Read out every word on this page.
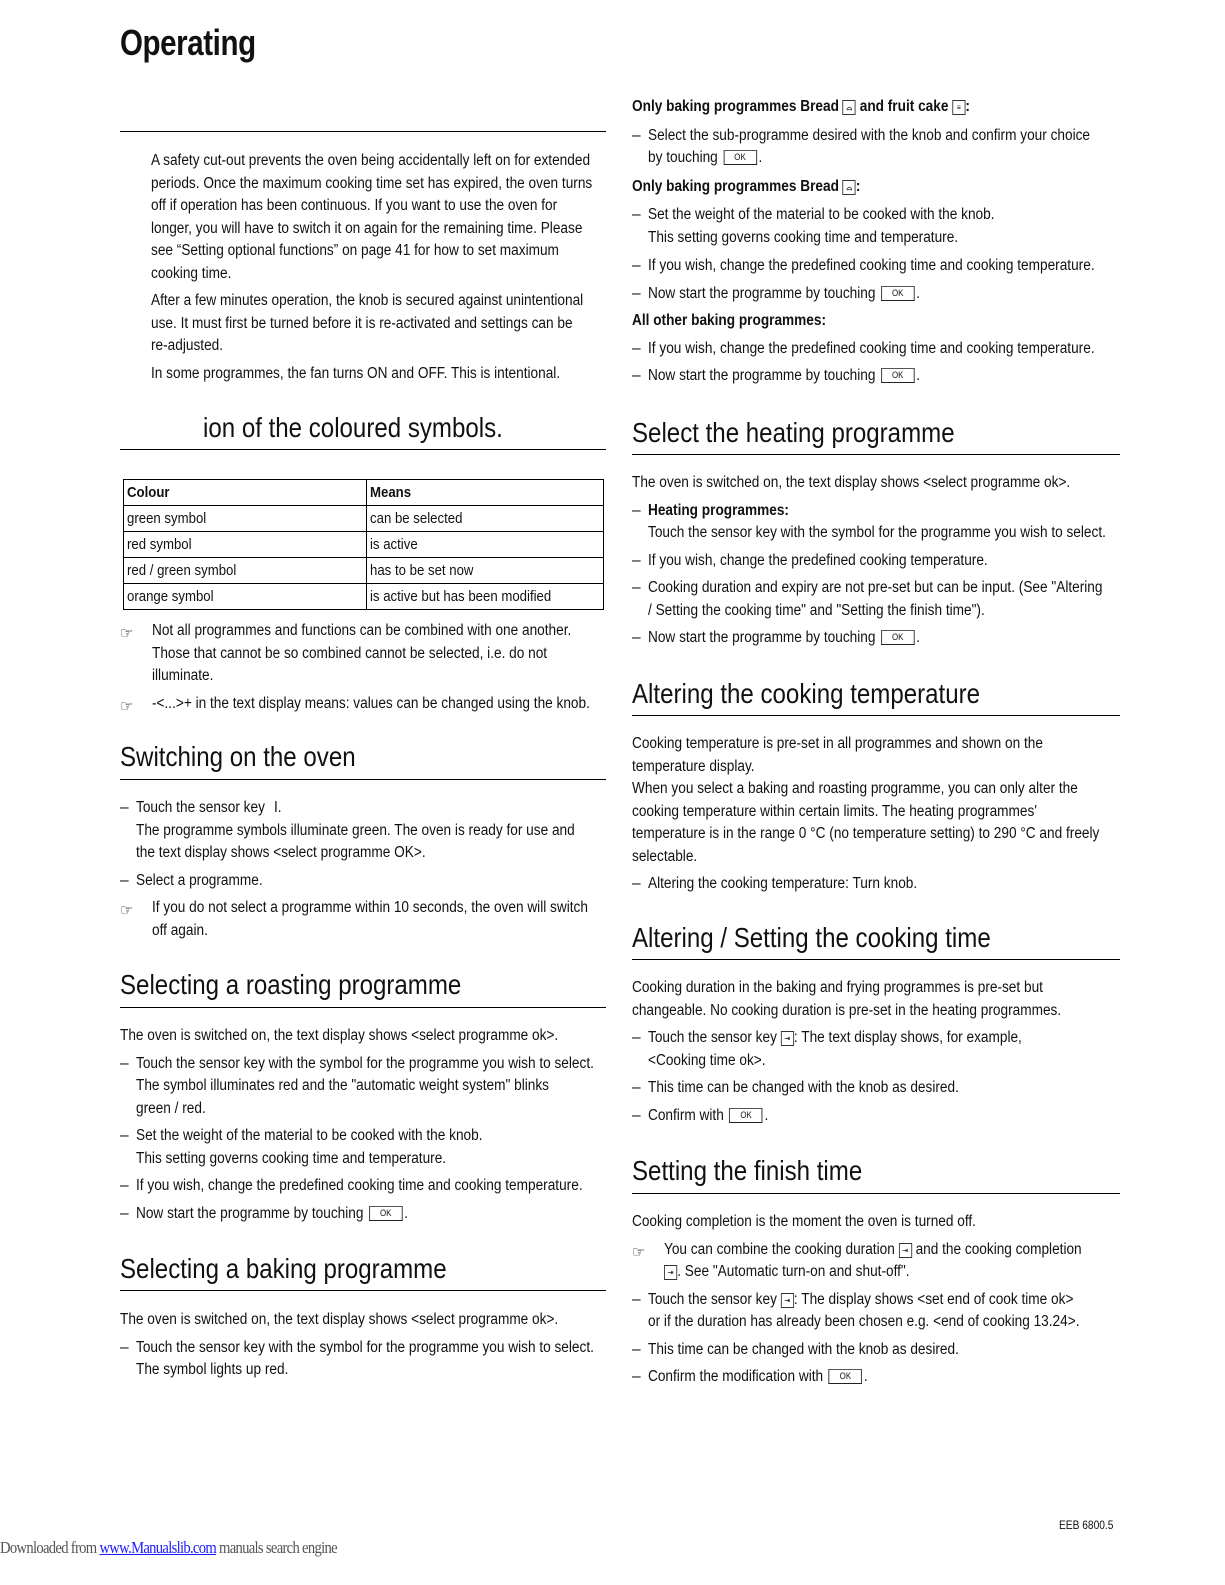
Operating
A safety cut-out prevents the oven being accidentally left on for extended
periods. Once the maximum cooking time set has expired, the oven turns
off if operation has been continuous. If you want to use the oven for
longer, you will have to switch it on again for the remaining time. Please
see “Setting optional functions” on page 41 for how to set maximum
cooking time.
After a few minutes operation, the knob is secured against unintentional
use. It must first be turned before it is re-activated and settings can be
re-adjusted.
In some programmes, the fan turns ON and OFF. This is intentional.
ion of the coloured symbols.
Colour	Means
green symbol	can be selected
red symbol	is active
red / green symbol	has to be set now
orange symbol	is active but has been modified
☞ Not all programmes and functions can be combined with one another.
Those that cannot be so combined cannot be selected, i.e. do not
illuminate.
☞ -<...>+ in the text display means: values can be changed using the knob.
Switching on the oven
– Touch the sensor key I.
The programme symbols illuminate green. The oven is ready for use and
the text display shows <select programme OK>.
– Select a programme.
☞ If you do not select a programme within 10 seconds, the oven will switch
off again.
Selecting a roasting programme
The oven is switched on, the text display shows <select programme ok>.
– Touch the sensor key with the symbol for the programme you wish to select.
The symbol illuminates red and the "automatic weight system" blinks
green / red.
– Set the weight of the material to be cooked with the knob.
This setting governs cooking time and temperature.
– If you wish, change the predefined cooking time and cooking temperature.
– Now start the programme by touching OK .
Selecting a baking programme
The oven is switched on, the text display shows <select programme ok>.
– Touch the sensor key with the symbol for the programme you wish to select.
The symbol lights up red.
Only baking programmes Bread ⌓ and fruit cake ≡ :
– Select the sub-programme desired with the knob and confirm your choice
by touching OK .
Only baking programmes Bread ⌓ :
– Set the weight of the material to be cooked with the knob.
This setting governs cooking time and temperature.
– If you wish, change the predefined cooking time and cooking temperature.
– Now start the programme by touching OK .
All other baking programmes:
– If you wish, change the predefined cooking time and cooking temperature.
– Now start the programme by touching OK .
Select the heating programme
The oven is switched on, the text display shows <select programme ok>.
– Heating programmes:
Touch the sensor key with the symbol for the programme you wish to select.
– If you wish, change the predefined cooking temperature.
– Cooking duration and expiry are not pre-set but can be input. (See "Altering
/ Setting the cooking time" and "Setting the finish time").
– Now start the programme by touching OK .
Altering the cooking temperature
Cooking temperature is pre-set in all programmes and shown on the
temperature display.
When you select a baking and roasting programme, you can only alter the
cooking temperature within certain limits. The heating programmes'
temperature is in the range 0 °C (no temperature setting) to 290 °C and freely
selectable.
– Altering the cooking temperature: Turn knob.
Altering / Setting the cooking time
Cooking duration in the baking and frying programmes is pre-set but
changeable. No cooking duration is pre-set in the heating programmes.
– Touch the sensor key ⇥ : The text display shows, for example,
<Cooking time ok>.
– This time can be changed with the knob as desired.
– Confirm with OK .
Setting the finish time
Cooking completion is the moment the oven is turned off.
☞ You can combine the cooking duration ⇥ and the cooking completion
⇥ . See "Automatic turn-on and shut-off".
– Touch the sensor key ⇥ : The display shows <set end of cook time ok>
or if the duration has already been chosen e.g. <end of cooking 13.24>.
– This time can be changed with the knob as desired.
– Confirm the modification with OK .
EEB 6800.5
Downloaded from www.Manualslib.com manuals search engine
